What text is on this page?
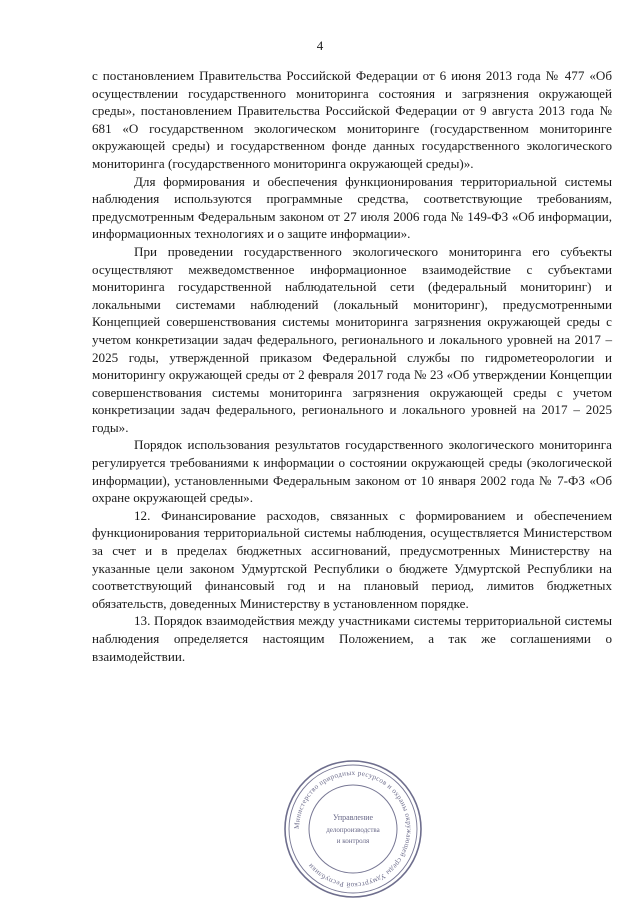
4

с постановлением Правительства Российской Федерации от 6 июня 2013 года № 477 «Об осуществлении государственного мониторинга состояния и загрязнения окружающей среды», постановлением Правительства Российской Федерации от 9 августа 2013 года № 681 «О государственном экологическом мониторинге (государственном мониторинге окружающей среды) и государственном фонде данных государственного экологического мониторинга (государственного мониторинга окружающей среды)».

Для формирования и обеспечения функционирования территориальной системы наблюдения используются программные средства, соответствующие требованиям, предусмотренным Федеральным законом от 27 июля 2006 года № 149-ФЗ «Об информации, информационных технологиях и о защите информации».

При проведении государственного экологического мониторинга его субъекты осуществляют межведомственное информационное взаимодействие с субъектами мониторинга государственной наблюдательной сети (федеральный мониторинг) и локальными системами наблюдений (локальный мониторинг), предусмотренными Концепцией совершенствования системы мониторинга загрязнения окружающей среды с учетом конкретизации задач федерального, регионального и локального уровней на 2017 – 2025 годы, утвержденной приказом Федеральной службы по гидрометеорологии и мониторингу окружающей среды от 2 февраля 2017 года № 23 «Об утверждении Концепции совершенствования системы мониторинга загрязнения окружающей среды с учетом конкретизации задач федерального, регионального и локального уровней на 2017 – 2025 годы».

Порядок использования результатов государственного экологического мониторинга регулируется требованиями к информации о состоянии окружающей среды (экологической информации), установленными Федеральным законом от 10 января 2002 года № 7-ФЗ «Об охране окружающей среды».

12. Финансирование расходов, связанных с формированием и обеспечением функционирования территориальной системы наблюдения, осуществляется Министерством за счет и в пределах бюджетных ассигнований, предусмотренных Министерству на указанные цели законом Удмуртской Республики о бюджете Удмуртской Республики на соответствующий финансовый год и на плановый период, лимитов бюджетных обязательств, доведенных Министерству в установленном порядке.

13. Порядок взаимодействия между участниками системы территориальной системы наблюдения определяется настоящим Положением, а так же соглашениями о взаимодействии.

Министерство природных ресурсов и охраны окружающей среды Удмуртской Республики
Управление
делопроизводства
и контроля
